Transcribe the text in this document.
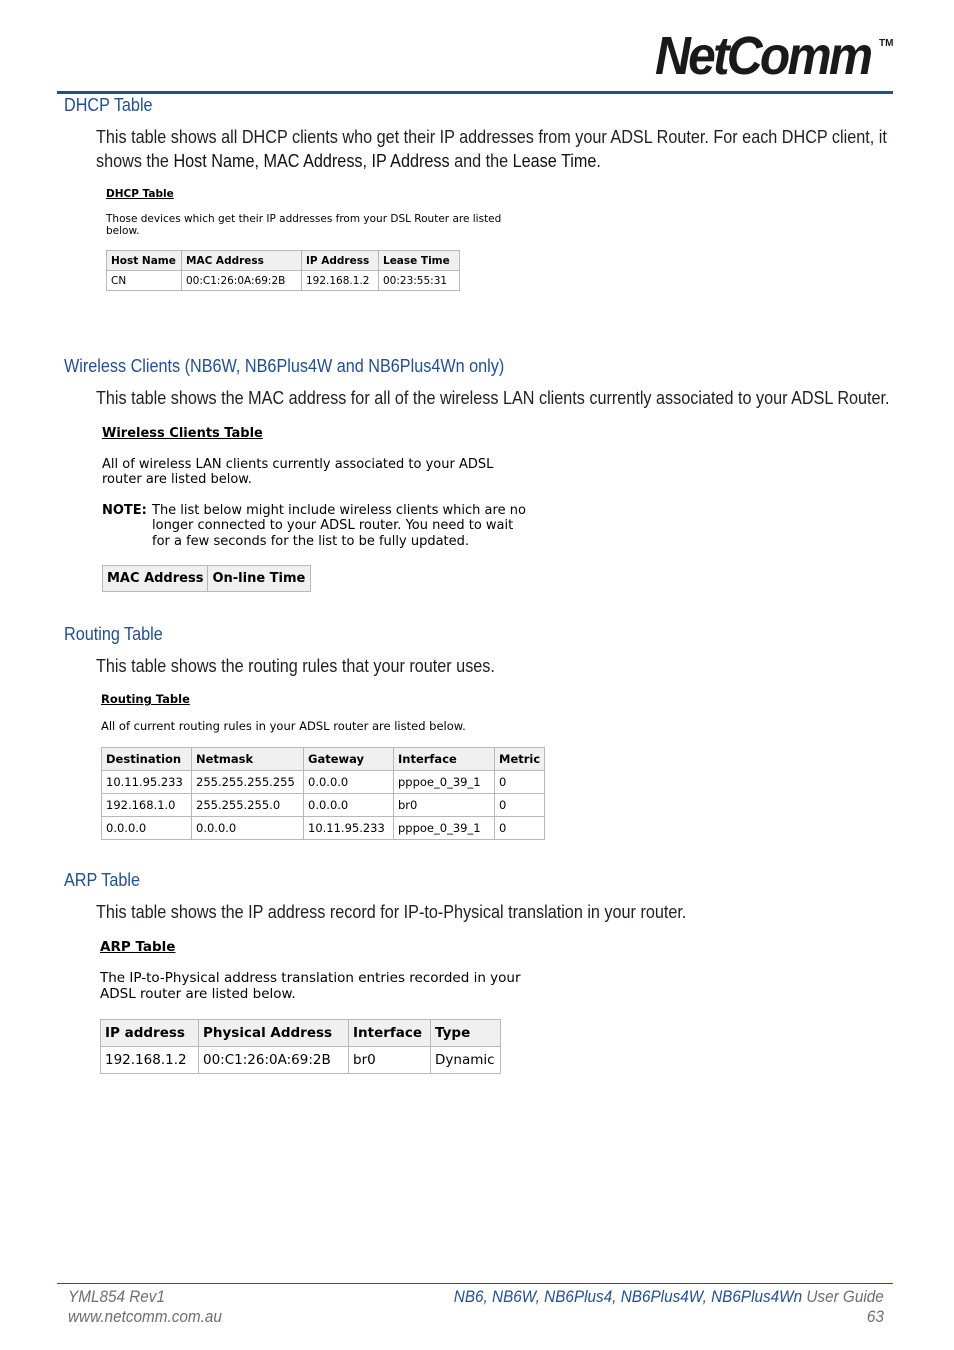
NetComm TM
DHCP Table
This table shows all DHCP clients who get their IP addresses from your ADSL Router. For each DHCP client, it
shows the Host Name, MAC Address, IP Address and the Lease Time.
DHCP Table
Those devices which get their IP addresses from your DSL Router are listed
below.
Host Name	MAC Address	IP Address	Lease Time
CN	00:C1:26:0A:69:2B	192.168.1.2	00:23:55:31
Wireless Clients (NB6W, NB6Plus4W and NB6Plus4Wn only)
This table shows the MAC address for all of the wireless LAN clients currently associated to your ADSL Router.
Wireless Clients Table
All of wireless LAN clients currently associated to your ADSL
router are listed below.
NOTE: The list below might include wireless clients which are no
longer connected to your ADSL router. You need to wait
for a few seconds for the list to be fully updated.
MAC Address	On-line Time
Routing Table
This table shows the routing rules that your router uses.
Routing Table
All of current routing rules in your ADSL router are listed below.
Destination	Netmask	Gateway	Interface	Metric
10.11.95.233	255.255.255.255	0.0.0.0	pppoe_0_39_1	0
192.168.1.0	255.255.255.0	0.0.0.0	br0	0
0.0.0.0	0.0.0.0	10.11.95.233	pppoe_0_39_1	0
ARP Table
This table shows the IP address record for IP-to-Physical translation in your router.
ARP Table
The IP-to-Physical address translation entries recorded in your
ADSL router are listed below.
IP address	Physical Address	Interface	Type
192.168.1.2	00:C1:26:0A:69:2B	br0	Dynamic
YML854 Rev1
www.netcomm.com.au
NB6, NB6W, NB6Plus4, NB6Plus4W, NB6Plus4Wn User Guide
63
